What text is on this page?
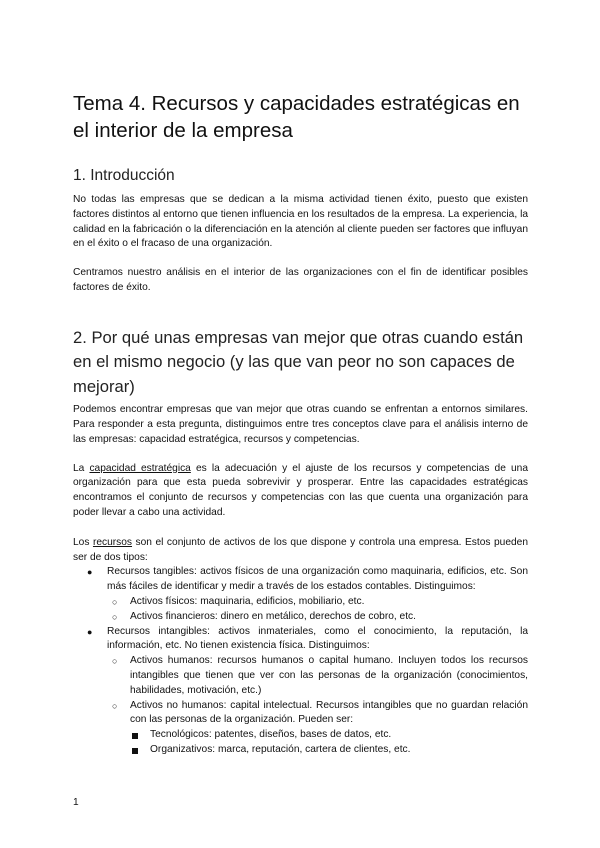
Tema 4. Recursos y capacidades estratégicas en el interior de la empresa
1. Introducción

No todas las empresas que se dedican a la misma actividad tienen éxito, puesto que existen factores distintos al entorno que tienen influencia en los resultados de la empresa. La experiencia, la calidad en la fabricación o la diferenciación en la atención al cliente pueden ser factores que influyan en el éxito o el fracaso de una organización.

Centramos nuestro análisis en el interior de las organizaciones con el fin de identificar posibles factores de éxito.

2. Por qué unas empresas van mejor que otras cuando están en el mismo negocio (y las que van peor no son capaces de mejorar)

Podemos encontrar empresas que van mejor que otras cuando se enfrentan a entornos similares. Para responder a esta pregunta, distinguimos entre tres conceptos clave para el análisis interno de las empresas: capacidad estratégica, recursos y competencias.

La capacidad estratégica es la adecuación y el ajuste de los recursos y competencias de una organización para que esta pueda sobrevivir y prosperar. Entre las capacidades estratégicas encontramos el conjunto de recursos y competencias con las que cuenta una organización para poder llevar a cabo una actividad.

Los recursos son el conjunto de activos de los que dispone y controla una empresa. Estos pueden ser de dos tipos:

● Recursos tangibles: activos físicos de una organización como maquinaria, edificios, etc. Son más fáciles de identificar y medir a través de los estados contables. Distinguimos:
○ Activos físicos: maquinaria, edificios, mobiliario, etc.
○ Activos financieros: dinero en metálico, derechos de cobro, etc.
● Recursos intangibles: activos inmateriales, como el conocimiento, la reputación, la información, etc. No tienen existencia física. Distinguimos:
○ Activos humanos: recursos humanos o capital humano. Incluyen todos los recursos intangibles que tienen que ver con las personas de la organización (conocimientos, habilidades, motivación, etc.)
○ Activos no humanos: capital intelectual. Recursos intangibles que no guardan relación con las personas de la organización. Pueden ser:
Tecnológicos: patentes, diseños, bases de datos, etc.
Organizativos: marca, reputación, cartera de clientes, etc.
1
